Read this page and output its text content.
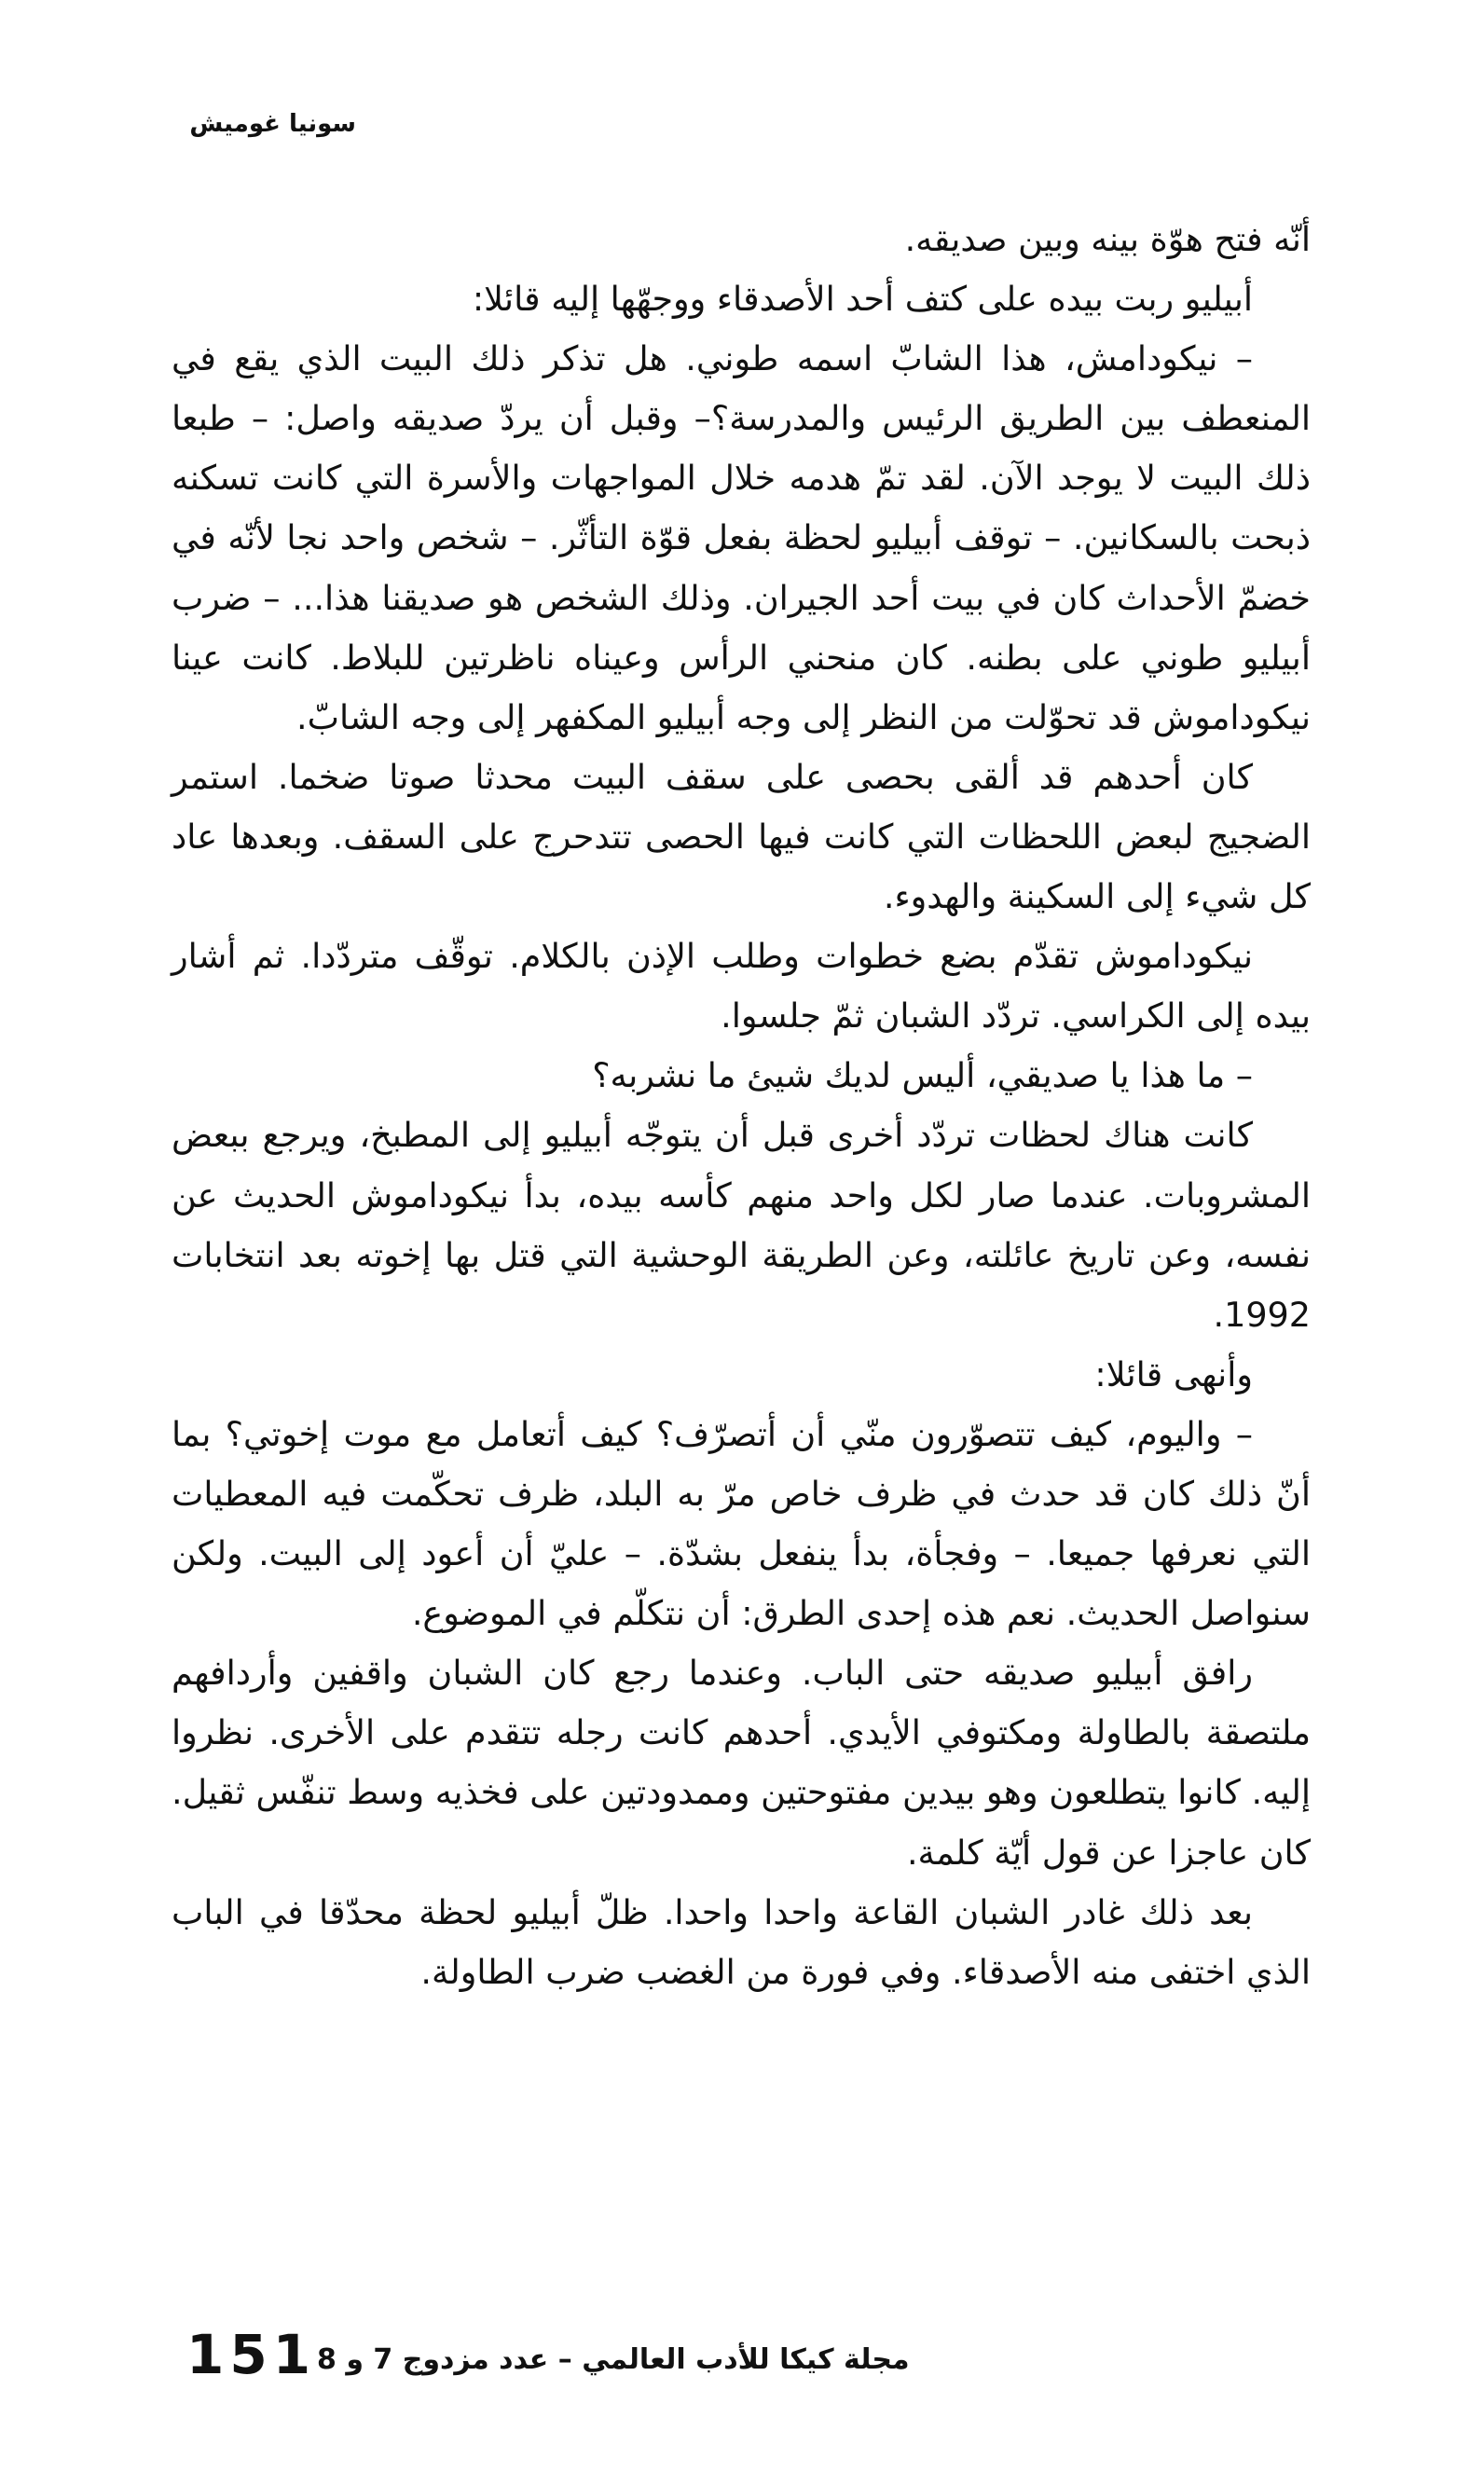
سونيا غوميش

أنّه فتح هوّة بينه وبين صديقه.

أبيليو ربت بيده على كتف أحد الأصدقاء ووجهّها إليه قائلا:

– نيكودامش، هذا الشابّ اسمه طوني. هل تذكر ذلك البيت الذي يقع في المنعطف بين الطريق الرئيس والمدرسة؟– وقبل أن يردّ صديقه واصل: – طبعا ذلك البيت لا يوجد الآن. لقد تمّ هدمه خلال المواجهات والأسرة التي كانت تسكنه ذبحت بالسكانين. – توقف أبيليو لحظة بفعل قوّة التأثّر. – شخص واحد نجا لأنّه في خضمّ الأحداث كان في بيت أحد الجيران. وذلك الشخص هو صديقنا هذا... – ضرب أبيليو طوني على بطنه. كان منحني الرأس وعيناه ناظرتين للبلاط. كانت عينا نيكوداموش قد تحوّلت من النظر إلى وجه أبيليو المكفهر إلى وجه الشابّ.

كان أحدهم قد ألقى بحصى على سقف البيت محدثا صوتا ضخما. استمر الضجيج لبعض اللحظات التي كانت فيها الحصى تتدحرج على السقف. وبعدها عاد كل شيء إلى السكينة والهدوء.

نيكوداموش تقدّم بضع خطوات وطلب الإذن بالكلام. توقّف متردّدا. ثم أشار بيده إلى الكراسي. تردّد الشبان ثمّ جلسوا.

– ما هذا يا صديقي، أليس لديك شيئ ما نشربه؟

كانت هناك لحظات تردّد أخرى قبل أن يتوجّه أبيليو إلى المطبخ، ويرجع ببعض المشروبات. عندما صار لكل واحد منهم كأسه بيده، بدأ نيكوداموش الحديث عن نفسه، وعن تاريخ عائلته، وعن الطريقة الوحشية التي قتل بها إخوته بعد انتخابات 1992.

وأنهى قائلا:

– واليوم، كيف تتصوّرون منّي أن أتصرّف؟ كيف أتعامل مع موت إخوتي؟ بما أنّ ذلك كان قد حدث في ظرف خاص مرّ به البلد، ظرف تحكّمت فيه المعطيات التي نعرفها جميعا. – وفجأة، بدأ ينفعل بشدّة. – عليّ أن أعود إلى البيت. ولكن سنواصل الحديث. نعم هذه إحدى الطرق: أن نتكلّم في الموضوع.

رافق أبيليو صديقه حتى الباب. وعندما رجع كان الشبان واقفين وأردافهم ملتصقة بالطاولة ومكتوفي الأيدي. أحدهم كانت رجله تتقدم على الأخرى. نظروا إليه. كانوا يتطلعون وهو بيدين مفتوحتين وممدودتين على فخذيه وسط تنفّس ثقيل. كان عاجزا عن قول أيّة كلمة.

بعد ذلك غادر الشبان القاعة واحدا واحدا. ظلّ أبيليو لحظة محدّقا في الباب الذي اختفى منه الأصدقاء. وفي فورة من الغضب ضرب الطاولة.

151 مجلة كيكا للأدب العالمي – عدد مزدوج 7 و 8
